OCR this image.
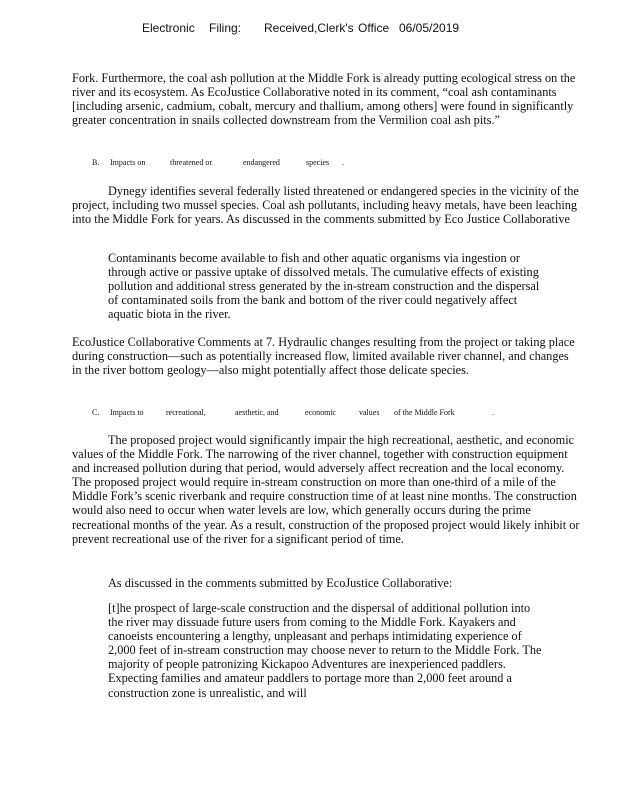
Electronic Filing: Received,Clerk's Office 06/05/2019

Fork. Furthermore, the coal ash pollution at the Middle Fork is already putting ecological stress on the river and its ecosystem. As EcoJustice Collaborative noted in its comment, “coal ash contaminants [including arsenic, cadmium, cobalt, mercury and thallium, among others] were found in significantly greater concentration in snails collected downstream from the Vermilion coal ash pits.”

B. Impacts on	threatened or	endangered	species .

Dynegy identifies several federally listed threatened or endangered species in the vicinity of the project, including two mussel species. Coal ash pollutants, including heavy metals, have been leaching into the Middle Fork for years. As discussed in the comments submitted by Eco Justice Collaborative

Contaminants become available to fish and other aquatic organisms via ingestion or through active or passive uptake of dissolved metals. The cumulative effects of existing pollution and additional stress generated by the in-stream construction and the dispersal of contaminated soils from the bank and bottom of the river could negatively affect aquatic biota in the river.

EcoJustice Collaborative Comments at 7. Hydraulic changes resulting from the project or taking place during construction—such as potentially increased flow, limited available river channel, and changes in the river bottom geology—also might potentially affect those delicate species.

C. Impacts to	recreational,	aesthetic, and	economic	values of the Middle Fork	.

The proposed project would significantly impair the high recreational, aesthetic, and economic values of the Middle Fork. The narrowing of the river channel, together with construction equipment and increased pollution during that period, would adversely affect recreation and the local economy. The proposed project would require in-stream construction on more than one-third of a mile of the Middle Fork’s scenic riverbank and require construction time of at least nine months. The construction would also need to occur when water levels are low, which generally occurs during the prime recreational months of the year. As a result, construction of the proposed project would likely inhibit or prevent recreational use of the river for a significant period of time.

As discussed in the comments submitted by EcoJustice Collaborative:

[t]he prospect of large-scale construction and the dispersal of additional pollution into the river may dissuade future users from coming to the Middle Fork. Kayakers and canoeists encountering a lengthy, unpleasant and perhaps intimidating experience of 2,000 feet of in-stream construction may choose never to return to the Middle Fork. The majority of people patronizing Kickapoo Adventures are inexperienced paddlers. Expecting families and amateur paddlers to portage more than 2,000 feet around a construction zone is unrealistic, and will
